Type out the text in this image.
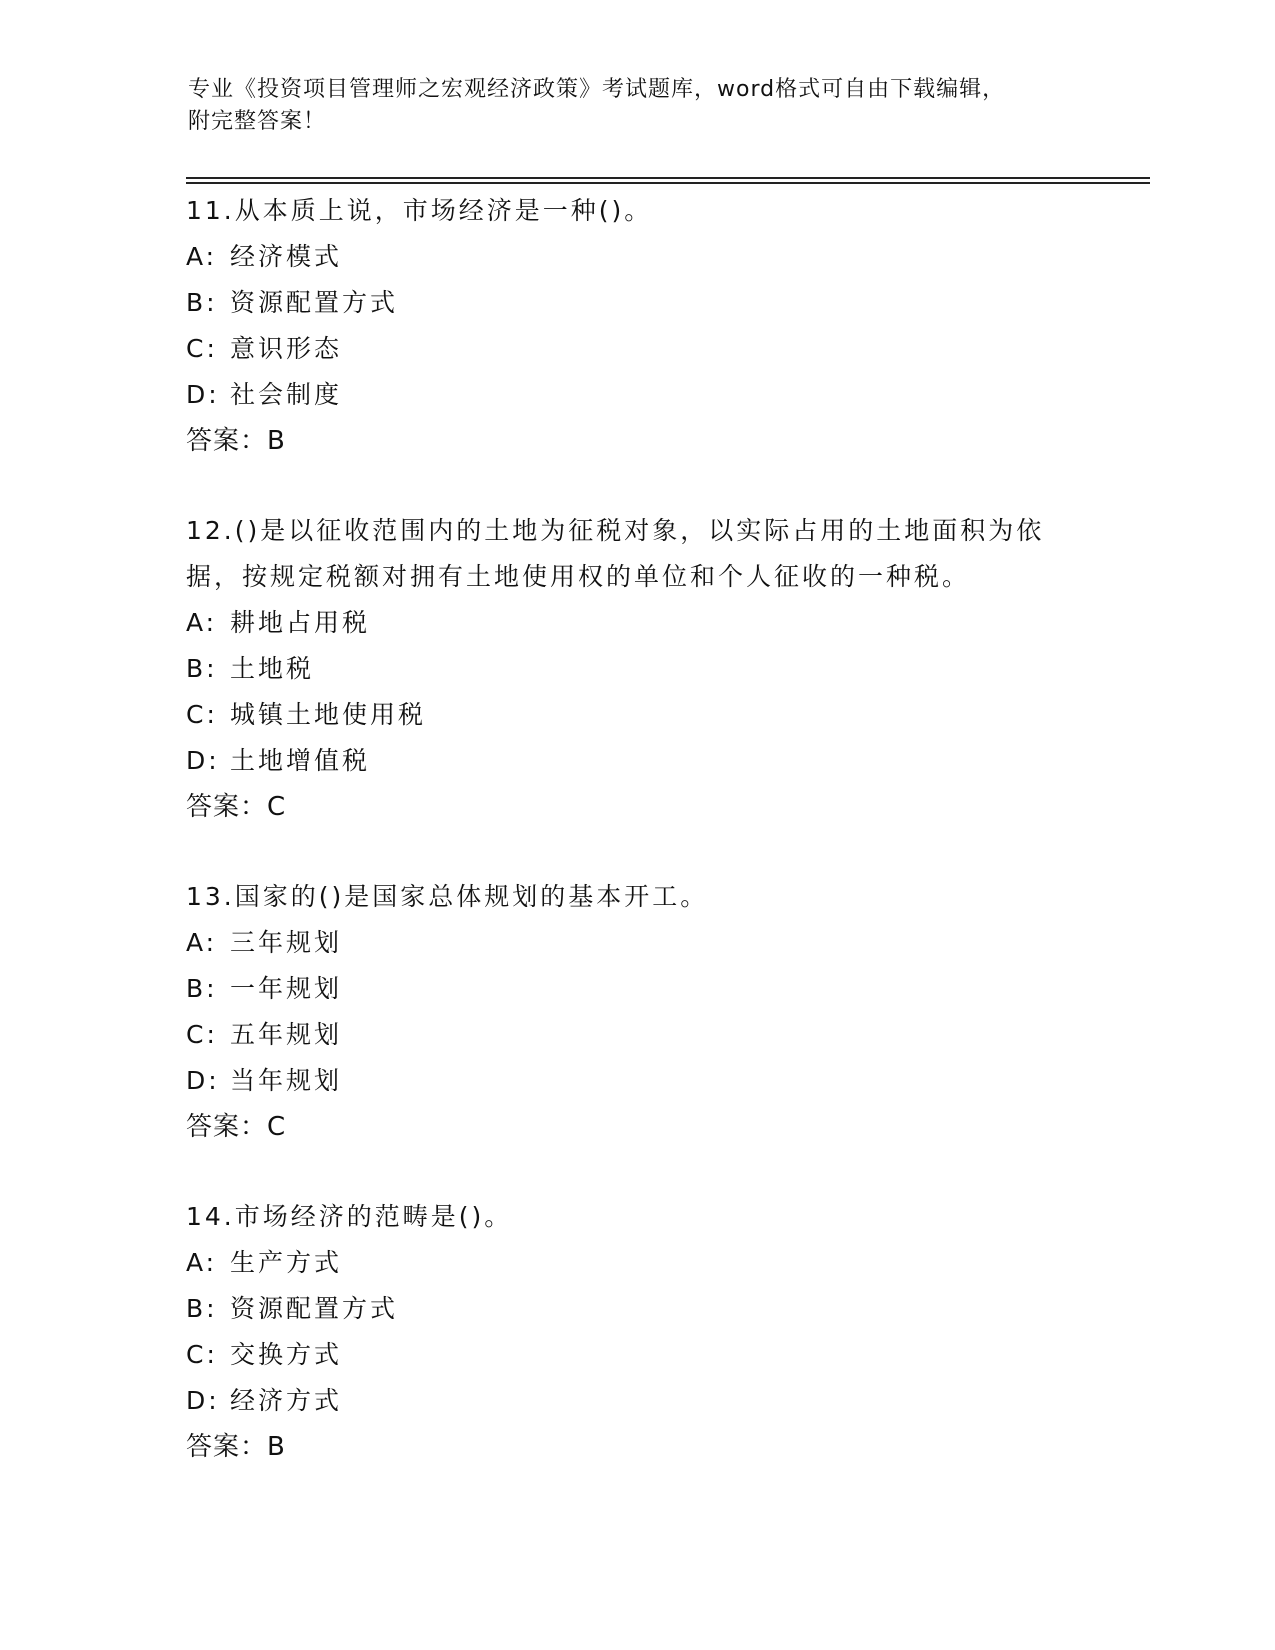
专业《投资项目管理师之宏观经济政策》考试题库，word格式可自由下载编辑，
附完整答案！

11.从本质上说，市场经济是一种()。

A: 经济模式

B: 资源配置方式

C: 意识形态

D: 社会制度

答案：B

12.()是以征收范围内的土地为征税对象，以实际占用的土地面积为依据，按规定税额对拥有土地使用权的单位和个人征收的一种税。

A: 耕地占用税

B: 土地税

C: 城镇土地使用税

D: 土地增值税

答案：C

13.国家的()是国家总体规划的基本开工。

A: 三年规划

B: 一年规划

C: 五年规划

D: 当年规划

答案：C

14.市场经济的范畴是()。

A: 生产方式

B: 资源配置方式

C: 交换方式

D: 经济方式

答案：B
